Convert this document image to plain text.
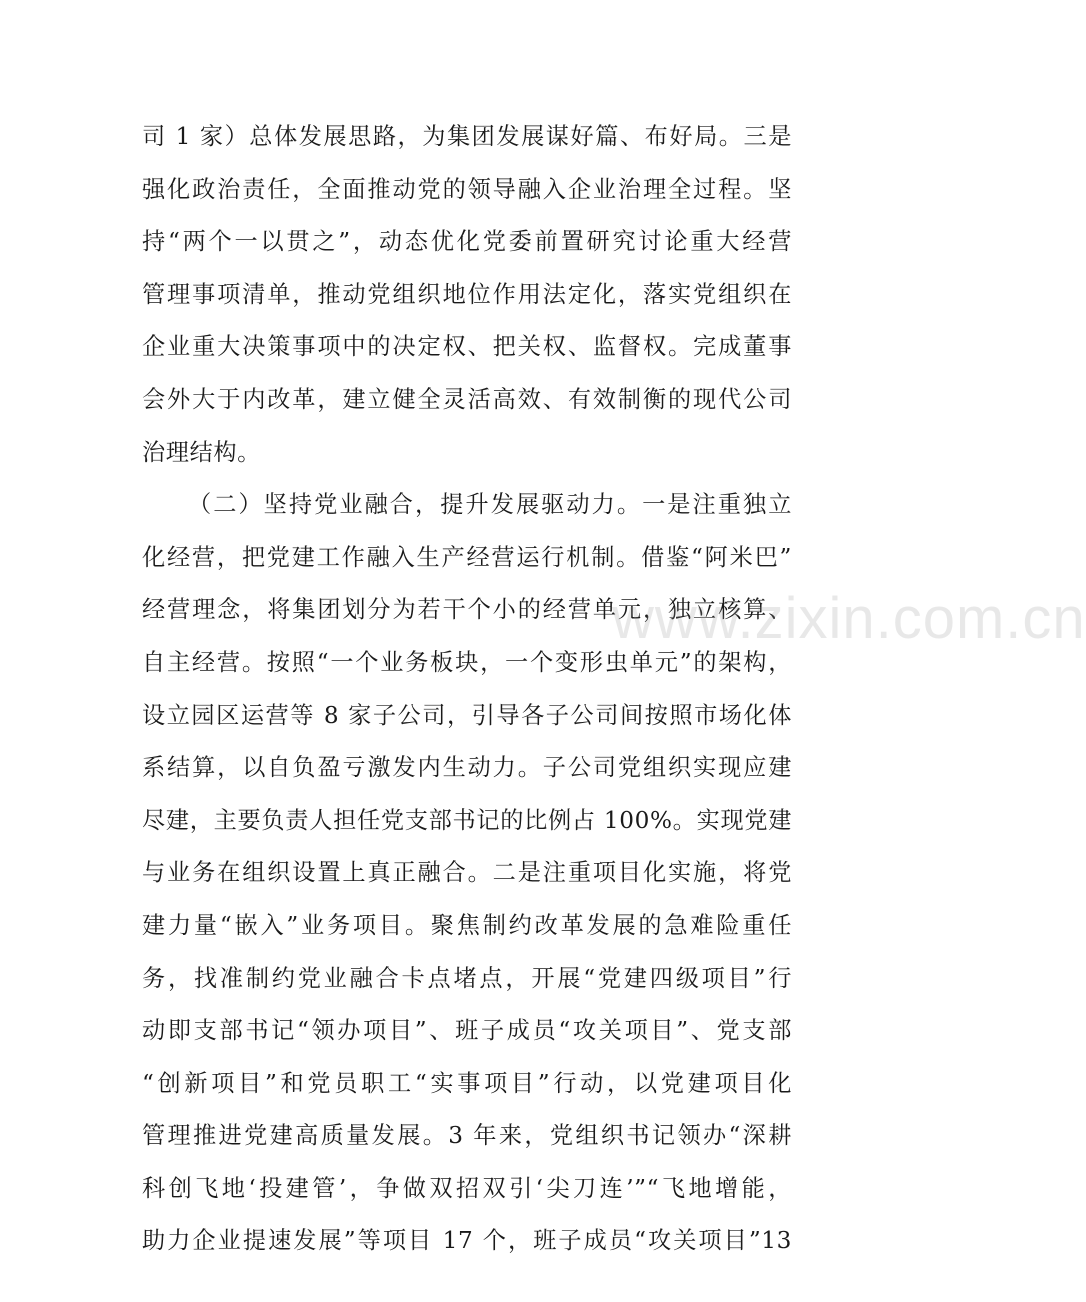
司 1 家）总体发展思路，为集团发展谋好篇、布好局。三是
强化政治责任，全面推动党的领导融入企业治理全过程。坚
持“两个一以贯之”，动态优化党委前置研究讨论重大经营
管理事项清单，推动党组织地位作用法定化，落实党组织在
企业重大决策事项中的决定权、把关权、监督权。完成董事
会外大于内改革，建立健全灵活高效、有效制衡的现代公司
治理结构。
（二）坚持党业融合，提升发展驱动力。一是注重独立
化经营，把党建工作融入生产经营运行机制。借鉴“阿米巴”
经营理念，将集团划分为若干个小的经营单元，独立核算、
自主经营。按照“一个业务板块，一个变形虫单元”的架构，
设立园区运营等 8 家子公司，引导各子公司间按照市场化体
系结算，以自负盈亏激发内生动力。子公司党组织实现应建
尽建，主要负责人担任党支部书记的比例占 100%。实现党建
与业务在组织设置上真正融合。二是注重项目化实施，将党
建力量“嵌入”业务项目。聚焦制约改革发展的急难险重任
务，找准制约党业融合卡点堵点，开展“党建四级项目”行
动即支部书记“领办项目”、班子成员“攻关项目”、党支部
“创新项目”和党员职工“实事项目”行动，以党建项目化
管理推进党建高质量发展。3 年来，党组织书记领办“深耕
科创飞地‘投建管’，争做双招双引‘尖刀连’”“飞地增能，
助力企业提速发展”等项目 17 个，班子成员“攻关项目”13
www.zixin.com.cn
